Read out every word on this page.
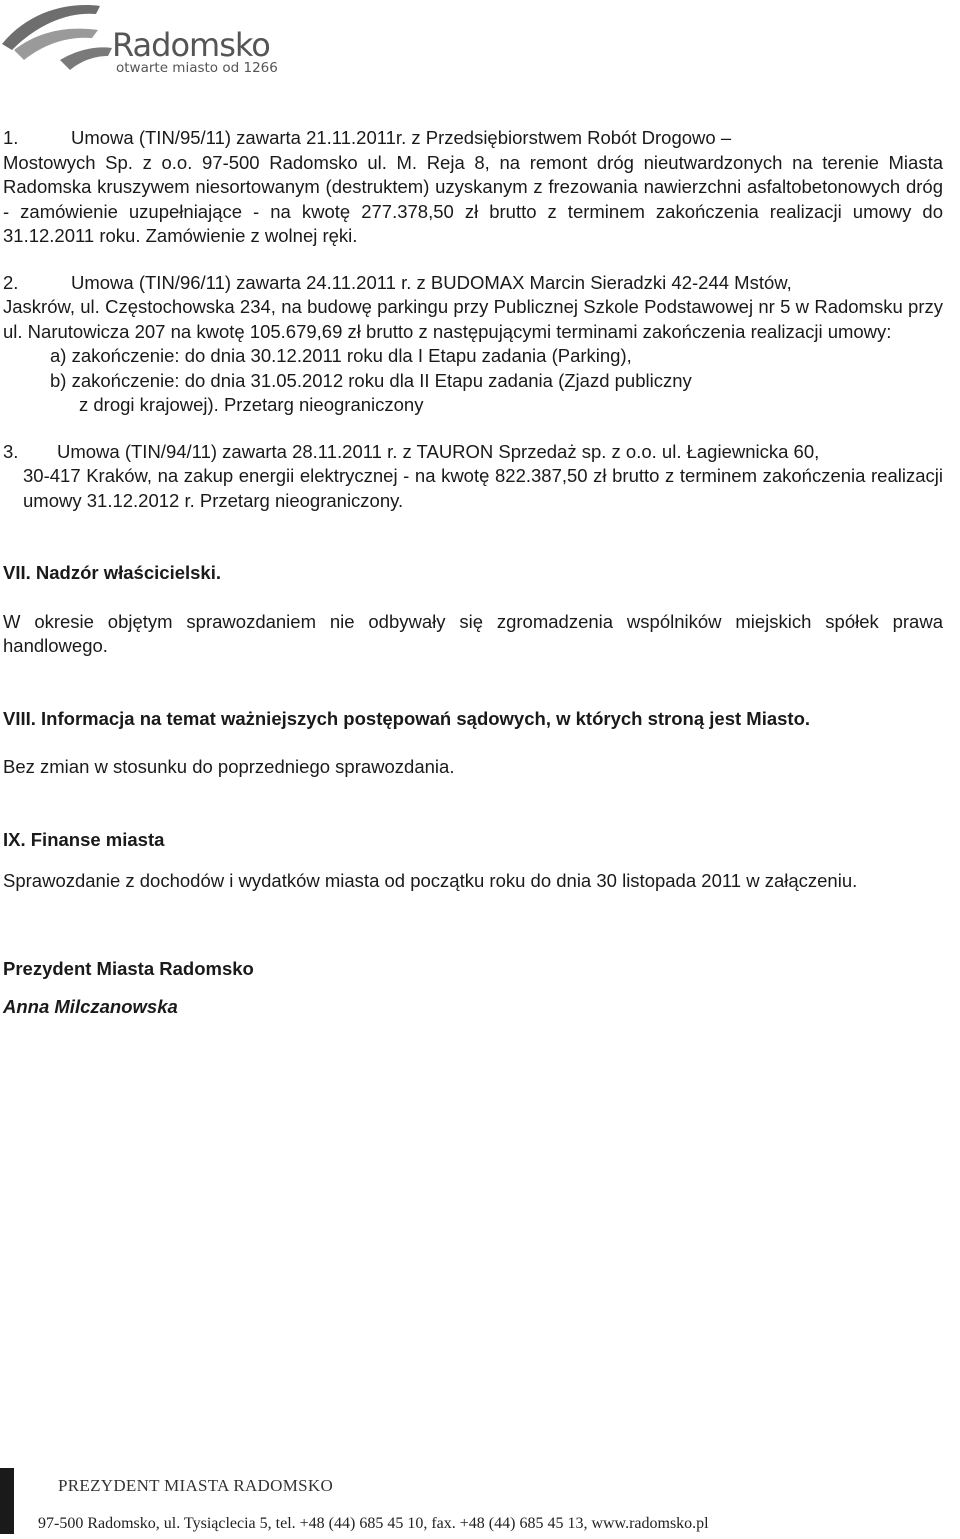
Radomsko
otwarte miasto od 1266

1.	Umowa (TIN/95/11) zawarta 21.11.2011r. z Przedsiębiorstwem Robót Drogowo –

Mostowych Sp. z o.o. 97-500 Radomsko ul. M. Reja 8, na remont dróg nieutwardzonych na terenie Miasta Radomska kruszywem niesortowanym (destruktem) uzyskanym z frezowania nawierzchni asfaltobetonowych dróg - zamówienie uzupełniające - na kwotę 277.378,50 zł brutto z terminem zakończenia realizacji umowy do 31.12.2011 roku. Zamówienie z wolnej ręki.

2.	Umowa (TIN/96/11) zawarta 24.11.2011 r. z BUDOMAX Marcin Sieradzki 42-244 Mstów,

Jaskrów, ul. Częstochowska 234, na budowę parkingu przy Publicznej Szkole Podstawowej nr 5 w Radomsku przy ul. Narutowicza 207 na kwotę 105.679,69 zł brutto z następującymi terminami zakończenia realizacji umowy:

a) zakończenie: do dnia 30.12.2011 roku dla I Etapu zadania (Parking),

b) zakończenie: do dnia 31.05.2012 roku dla II Etapu zadania (Zjazd publiczny

z drogi krajowej). Przetarg nieograniczony

3. Umowa (TIN/94/11) zawarta 28.11.2011 r. z TAURON Sprzedaż sp. z o.o. ul. Łagiewnicka 60,

30-417 Kraków, na zakup energii elektrycznej - na kwotę 822.387,50 zł brutto z terminem zakończenia realizacji umowy 31.12.2012 r. Przetarg nieograniczony.

VII. Nadzór właścicielski.

W okresie objętym sprawozdaniem nie odbywały się zgromadzenia wspólników miejskich spółek prawa handlowego.

VIII. Informacja na temat ważniejszych postępowań sądowych, w których stroną jest Miasto.

Bez zmian w stosunku do poprzedniego sprawozdania.

IX. Finanse miasta

Sprawozdanie z dochodów i wydatków miasta od początku roku do dnia 30 listopada 2011 w załączeniu.

Prezydent Miasta Radomsko

Anna Milczanowska

PREZYDENT MIASTA RADOMSKO
97-500 Radomsko, ul. Tysiąclecia 5, tel. +48 (44) 685 45 10, fax. +48 (44) 685 45 13, www.radomsko.pl
